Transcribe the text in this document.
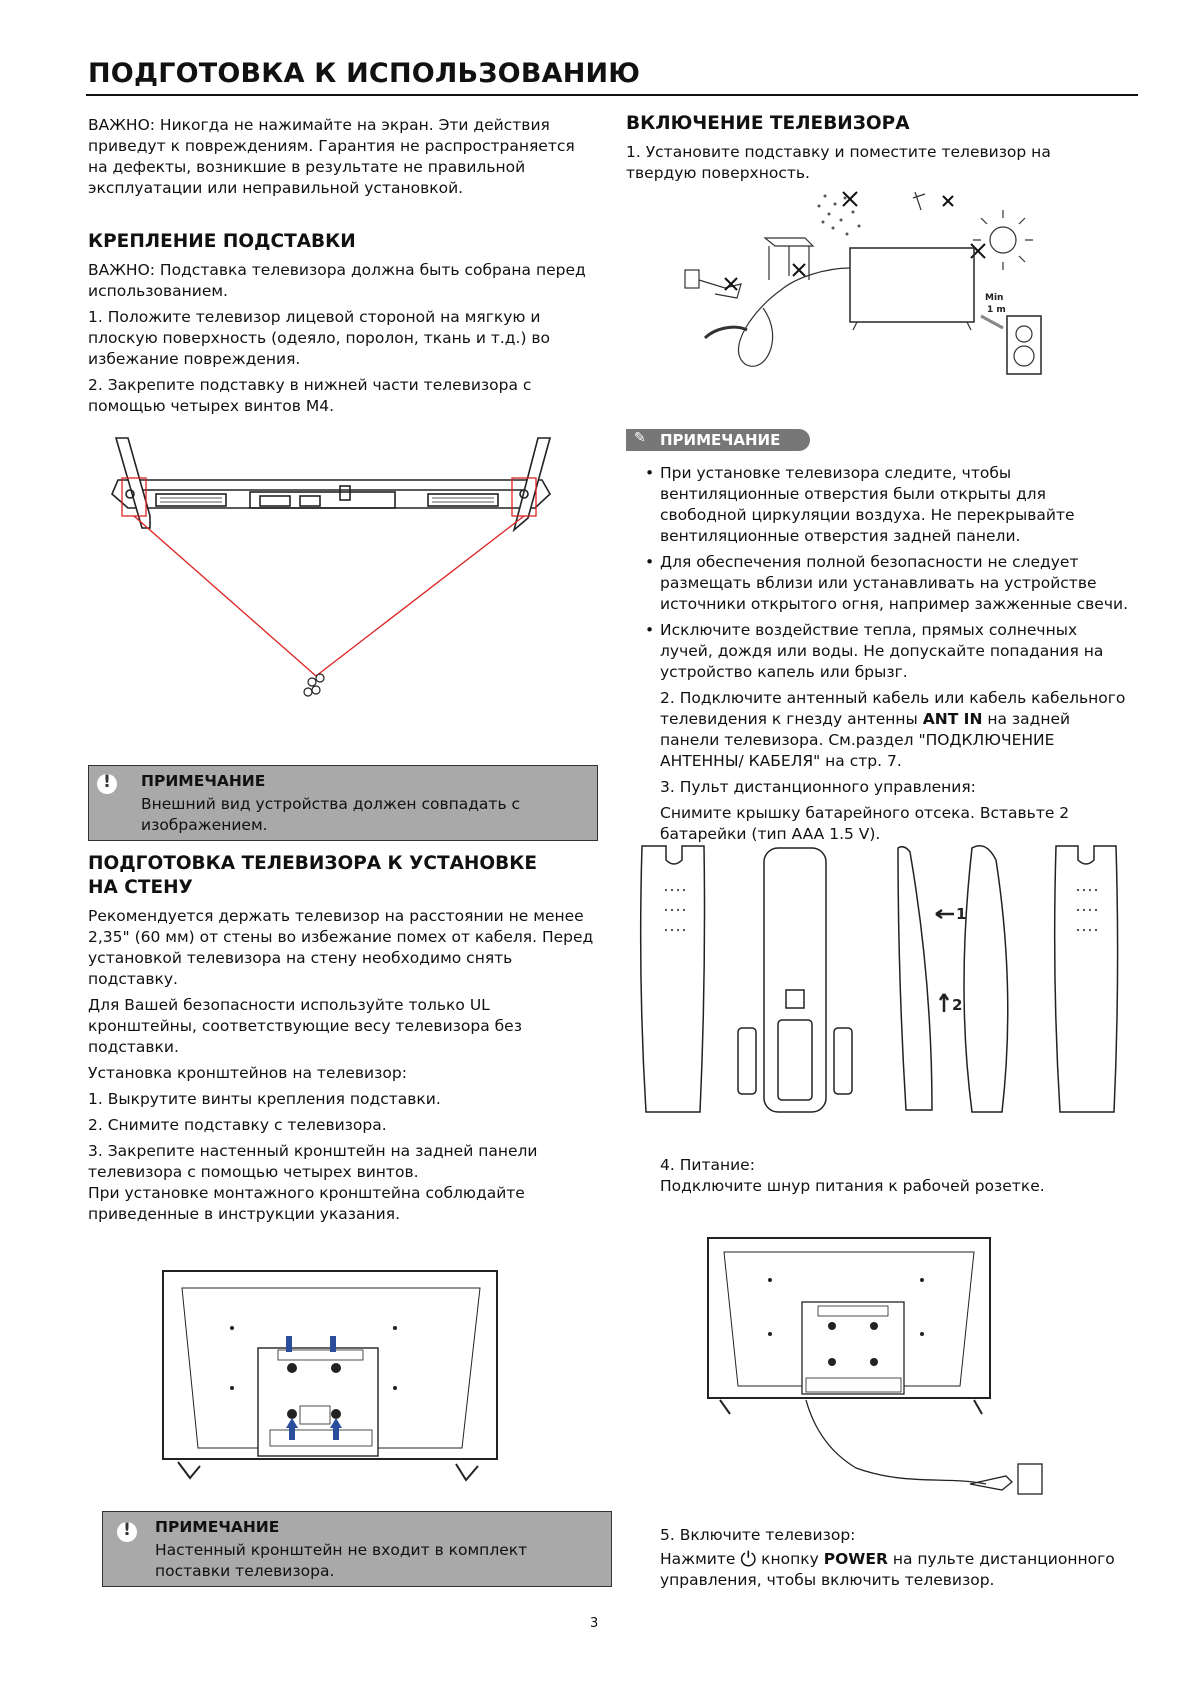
ПОДГОТОВКА К ИСПОЛЬЗОВАНИЮ

ВАЖНО: Никогда не нажимайте на экран. Эти действия приведут к повреждениям. Гарантия не распространяется на дефекты, возникшие в результате не правильной эксплуатации или неправильной установкой.

КРЕПЛЕНИЕ ПОДСТАВКИ

ВАЖНО: Подставка телевизора должна быть собрана перед использованием.

1. Положите телевизор лицевой стороной на мягкую и плоскую поверхность (одеяло, поролон, ткань и т.д.) во избежание повреждения.

2. Закрепите подставку в нижней части телевизора с помощью четырех винтов M4.

!
ПРИМЕЧАНИЕ
Внешний вид устройства должен совпадать с изображением.
ПОДГОТОВКА ТЕЛЕВИЗОРА К УСТАНОВКЕ НА СТЕНУ

Рекомендуется держать телевизор на расстоянии не менее 2,35" (60 мм) от стены во избежание помех от кабеля. Перед установкой телевизора на стену необходимо снять подставку.

Для Вашей безопасности используйте только UL кронштейны, соответствующие весу телевизора без подставки.

Установка кронштейнов на телевизор:

1. Выкрутите винты крепления подставки.

2. Снимите подставку с телевизора.

3. Закрепите настенный кронштейн на задней панели телевизора с помощью четырех винтов.

При установке монтажного кронштейна соблюдайте приведенные в инструкции указания.

!
ПРИМЕЧАНИЕ
Настенный кронштейн не входит в комплект поставки телевизора.
ВКЛЮЧЕНИЕ ТЕЛЕВИЗОРА

1. Установите подставку и поместите телевизор на твердую поверхность.

Min
1 m
✎ ПРИМЕЧАНИЕ

• При установке телевизора следите, чтобы вентиляционные отверстия были открыты для свободной циркуляции воздуха. Не перекрывайте вентиляционные отверстия задней панели.

• Для обеспечения полной безопасности не следует размещать вблизи или устанавливать на устройстве источники открытого огня, например зажженные свечи.

• Исключите воздействие тепла, прямых солнечных лучей, дождя или воды. Не допускайте попадания на устройство капель или брызг.

2. Подключите антенный кабель или кабель кабельного телевидения к гнезду антенны ANT IN на задней панели телевизора. См.раздел "ПОДКЛЮЧЕНИЕ АНТЕННЫ/ КАБЕЛЯ" на стр. 7.

3. Пульт дистанционного управления:

Снимите крышку батарейного отсека. Вставьте 2 батарейки (тип AAA 1.5 V).

1
2

4. Питание:

Подключите шнур питания к рабочей розетке.

5. Включите телевизор:

Нажмите ⏻ кнопку POWER на пульте дистанционного управления, чтобы включить телевизор.

3
